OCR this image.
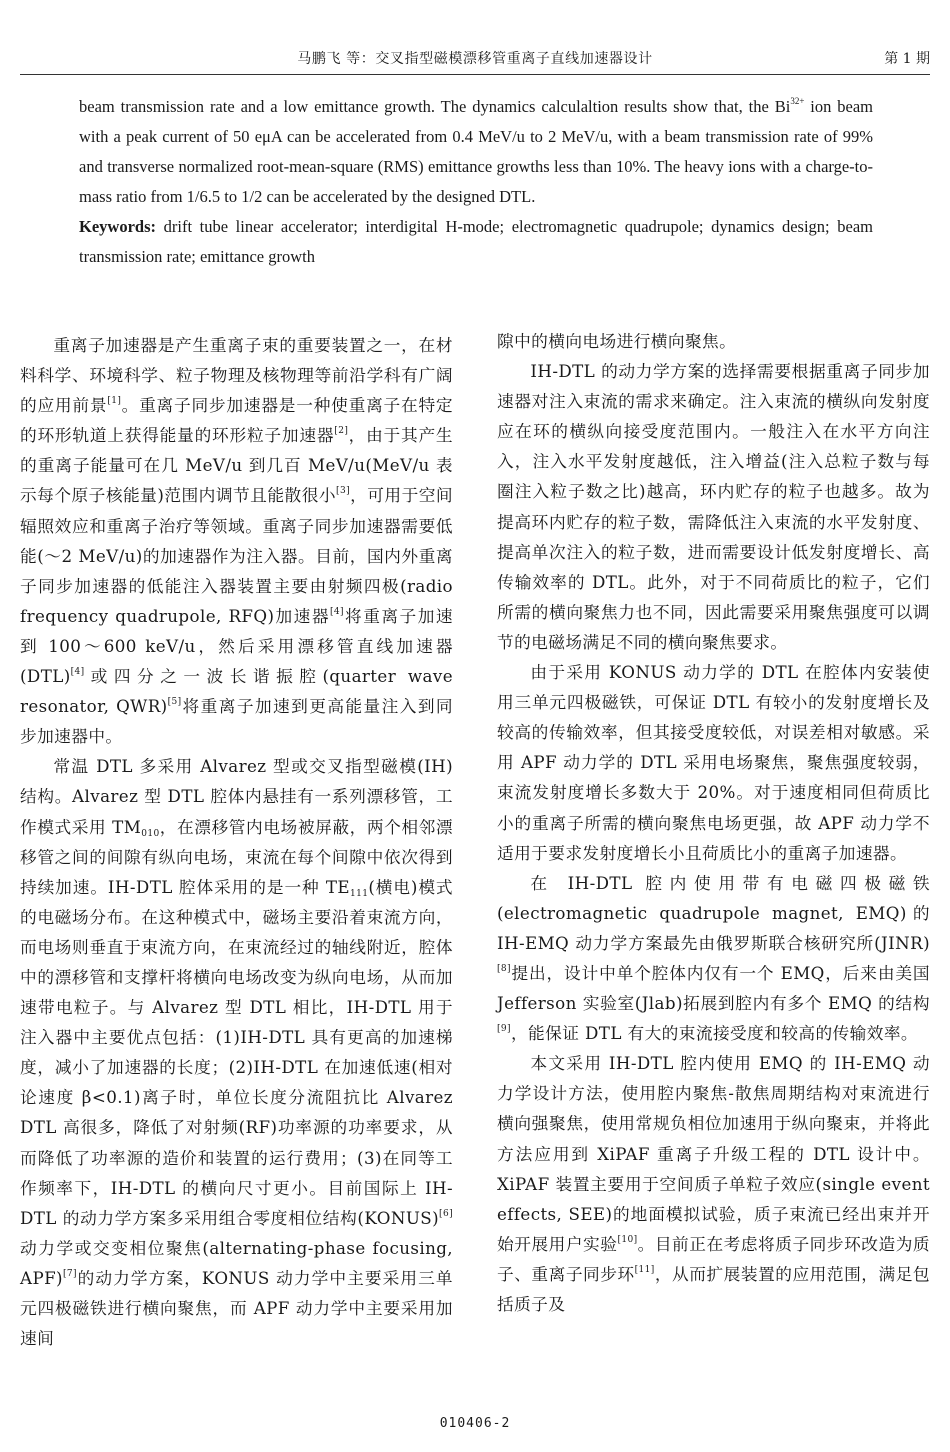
马鹏飞 等：交叉指型磁模漂移管重离子直线加速器设计	第 1 期

beam transmission rate and a low emittance growth. The dynamics calculaltion results show that, the $Bi^{32+}$ ion beam with a peak current of 50 eμA can be accelerated from 0.4 MeV/u to 2 MeV/u, with a beam transmission rate of 99% and transverse normalized root-mean-square (RMS) emittance growths less than 10%. The heavy ions with a charge-to-mass ratio from 1/6.5 to 1/2 can be accelerated by the designed DTL.

Keywords: drift tube linear accelerator; interdigital H-mode; electromagnetic quadrupole; dynamics design; beam transmission rate; emittance growth

重离子加速器是产生重离子束的重要装置之一，在材料科学、环境科学、粒子物理及核物理等前沿学科有广阔的应用前景[1]。重离子同步加速器是一种使重离子在特定的环形轨道上获得能量的环形粒子加速器[2]，由于其产生的重离子能量可在几 MeV/u 到几百 MeV/u(MeV/u 表示每个原子核能量)范围内调节且能散很小[3]，可用于空间辐照效应和重离子治疗等领域。重离子同步加速器需要低能(～2 MeV/u)的加速器作为注入器。目前，国内外重离子同步加速器的低能注入器装置主要由射频四极(radio frequency quadrupole, RFQ)加速器[4]将重离子加速到 100～600 keV/u，然后采用漂移管直线加速器(DTL)[4]或四分之一波长谐振腔(quarter wave resonator, QWR)[5]将重离子加速到更高能量注入到同步加速器中。

常温 DTL 多采用 Alvarez 型或交叉指型磁模(IH)结构。Alvarez 型 DTL 腔体内悬挂有一系列漂移管，工作模式采用 $TM_{010}$，在漂移管内电场被屏蔽，两个相邻漂移管之间的间隙有纵向电场，束流在每个间隙中依次得到持续加速。IH-DTL 腔体采用的是一种 $TE_{111}$(横电)模式的电磁场分布。在这种模式中，磁场主要沿着束流方向，而电场则垂直于束流方向，在束流经过的轴线附近，腔体中的漂移管和支撑杆将横向电场改变为纵向电场，从而加速带电粒子。与 Alvarez 型 DTL 相比，IH-DTL 用于注入器中主要优点包括：(1)IH-DTL 具有更高的加速梯度，减小了加速器的长度；(2)IH-DTL 在加速低速(相对论速度 β<0.1)离子时，单位长度分流阻抗比 Alvarez DTL 高很多，降低了对射频(RF)功率源的功率要求，从而降低了功率源的造价和装置的运行费用；(3)在同等工作频率下，IH-DTL 的横向尺寸更小。目前国际上 IH-DTL 的动力学方案多采用组合零度相位结构(KONUS)[6]动力学或交变相位聚焦(alternating-phase focusing, APF)[7]的动力学方案，KONUS 动力学中主要采用三单元四极磁铁进行横向聚焦，而 APF 动力学中主要采用加速间

隙中的横向电场进行横向聚焦。

IH-DTL 的动力学方案的选择需要根据重离子同步加速器对注入束流的需求来确定。注入束流的横纵向发射度应在环的横纵向接受度范围内。一般注入在水平方向注入，注入水平发射度越低，注入增益(注入总粒子数与每圈注入粒子数之比)越高，环内贮存的粒子也越多。故为提高环内贮存的粒子数，需降低注入束流的水平发射度、提高单次注入的粒子数，进而需要设计低发射度增长、高传输效率的 DTL。此外，对于不同荷质比的粒子，它们所需的横向聚焦力也不同，因此需要采用聚焦强度可以调节的电磁场满足不同的横向聚焦要求。

由于采用 KONUS 动力学的 DTL 在腔体内安装使用三单元四极磁铁，可保证 DTL 有较小的发射度增长及较高的传输效率，但其接受度较低，对误差相对敏感。采用 APF 动力学的 DTL 采用电场聚焦，聚焦强度较弱，束流发射度增长多数大于 20%。对于速度相同但荷质比小的重离子所需的横向聚焦电场更强，故 APF 动力学不适用于要求发射度增长小且荷质比小的重离子加速器。

在 IH-DTL 腔内使用带有电磁四极磁铁(electromagnetic quadrupole magnet, EMQ)的 IH-EMQ 动力学方案最先由俄罗斯联合核研究所(JINR)[8]提出，设计中单个腔体内仅有一个 EMQ，后来由美国 Jefferson 实验室(Jlab)拓展到腔内有多个 EMQ 的结构[9]，能保证 DTL 有大的束流接受度和较高的传输效率。

本文采用 IH-DTL 腔内使用 EMQ 的 IH-EMQ 动力学设计方法，使用腔内聚焦-散焦周期结构对束流进行横向强聚焦，使用常规负相位加速用于纵向聚束，并将此方法应用到 XiPAF 重离子升级工程的 DTL 设计中。XiPAF 装置主要用于空间质子单粒子效应(single event effects, SEE)的地面模拟试验，质子束流已经出束并开始开展用户实验[10]。目前正在考虑将质子同步环改造为质子、重离子同步环[11]，从而扩展装置的应用范围，满足包括质子及

010406-2
